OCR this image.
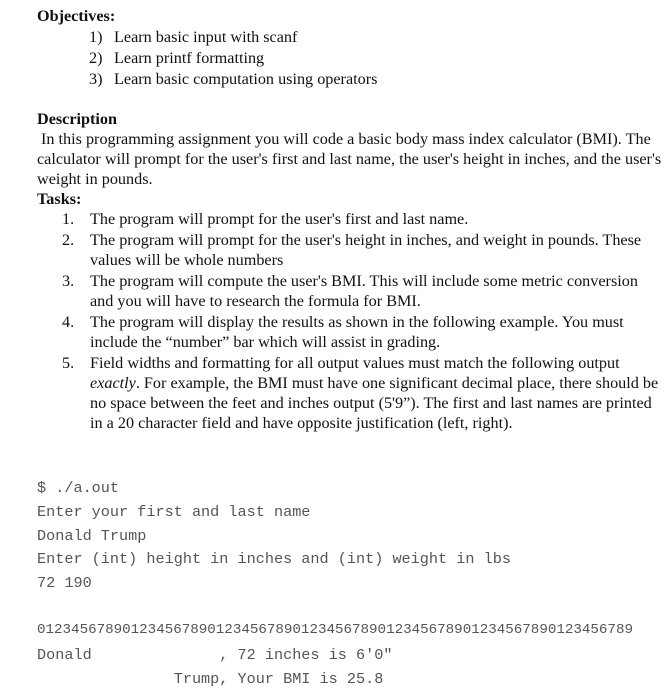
Objectives:
1) Learn basic input with scanf
2) Learn printf formatting
3) Learn basic computation using operators
Description

In this programming assignment you will code a basic body mass index calculator (BMI). The calculator will prompt for the user's first and last name, the user's height in inches, and the user's weight in pounds.

Tasks:
1. The program will prompt for the user's first and last name.
2. The program will prompt for the user's height in inches, and weight in pounds. These values will be whole numbers
3. The program will compute the user's BMI. This will include some metric conversion and you will have to research the formula for BMI.
4. The program will display the results as shown in the following example. You must include the “number” bar which will assist in grading.
5. Field widths and formatting for all output values must match the following output exactly. For example, the BMI must have one significant decimal place, there should be no space between the feet and inches output (5'9”). The first and last names are printed in a 20 character field and have opposite justification (left, right).
$ ./a.out
Enter your first and last name
Donald Trump
Enter (int) height in inches and (int) weight in lbs
72 190
0123456789012345678901234567890123456789012345678901234567890123456789
Donald              , 72 inches is 6'0"
Trump, Your BMI is 25.8
